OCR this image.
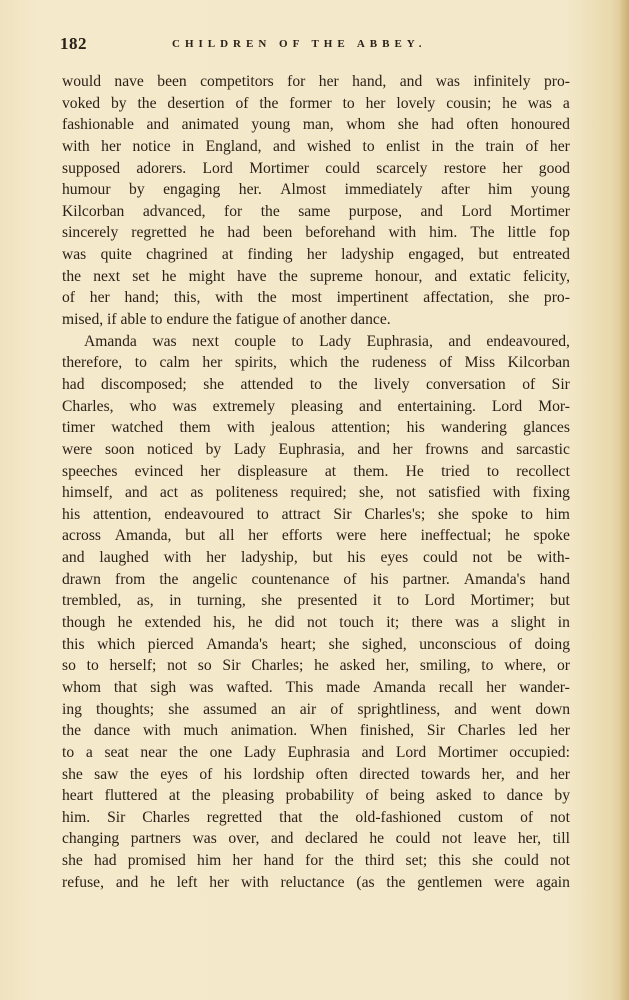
182	CHILDREN OF THE ABBEY.
would nave been competitors for her hand, and was infinitely pro-
voked by the desertion of the former to her lovely cousin; he was a
fashionable and animated young man, whom she had often honoured
with her notice in England, and wished to enlist in the train of her
supposed adorers. Lord Mortimer could scarcely restore her good
humour by engaging her. Almost immediately after him young
Kilcorban advanced, for the same purpose, and Lord Mortimer
sincerely regretted he had been beforehand with him. The little fop
was quite chagrined at finding her ladyship engaged, but entreated
the next set he might have the supreme honour, and extatic felicity,
of her hand; this, with the most impertinent affectation, she pro-
mised, if able to endure the fatigue of another dance.
Amanda was next couple to Lady Euphrasia, and endeavoured,
therefore, to calm her spirits, which the rudeness of Miss Kilcorban
had discomposed; she attended to the lively conversation of Sir
Charles, who was extremely pleasing and entertaining. Lord Mor-
timer watched them with jealous attention; his wandering glances
were soon noticed by Lady Euphrasia, and her frowns and sarcastic
speeches evinced her displeasure at them. He tried to recollect
himself, and act as politeness required; she, not satisfied with fixing
his attention, endeavoured to attract Sir Charles's; she spoke to him
across Amanda, but all her efforts were here ineffectual; he spoke
and laughed with her ladyship, but his eyes could not be with-
drawn from the angelic countenance of his partner. Amanda's hand
trembled, as, in turning, she presented it to Lord Mortimer; but
though he extended his, he did not touch it; there was a slight in
this which pierced Amanda's heart; she sighed, unconscious of doing
so to herself; not so Sir Charles; he asked her, smiling, to where, or
whom that sigh was wafted. This made Amanda recall her wander-
ing thoughts; she assumed an air of sprightliness, and went down
the dance with much animation. When finished, Sir Charles led her
to a seat near the one Lady Euphrasia and Lord Mortimer occupied:
she saw the eyes of his lordship often directed towards her, and her
heart fluttered at the pleasing probability of being asked to dance by
him. Sir Charles regretted that the old-fashioned custom of not
changing partners was over, and declared he could not leave her, till
she had promised him her hand for the third set; this she could not
refuse, and he left her with reluctance (as the gentlemen were again
